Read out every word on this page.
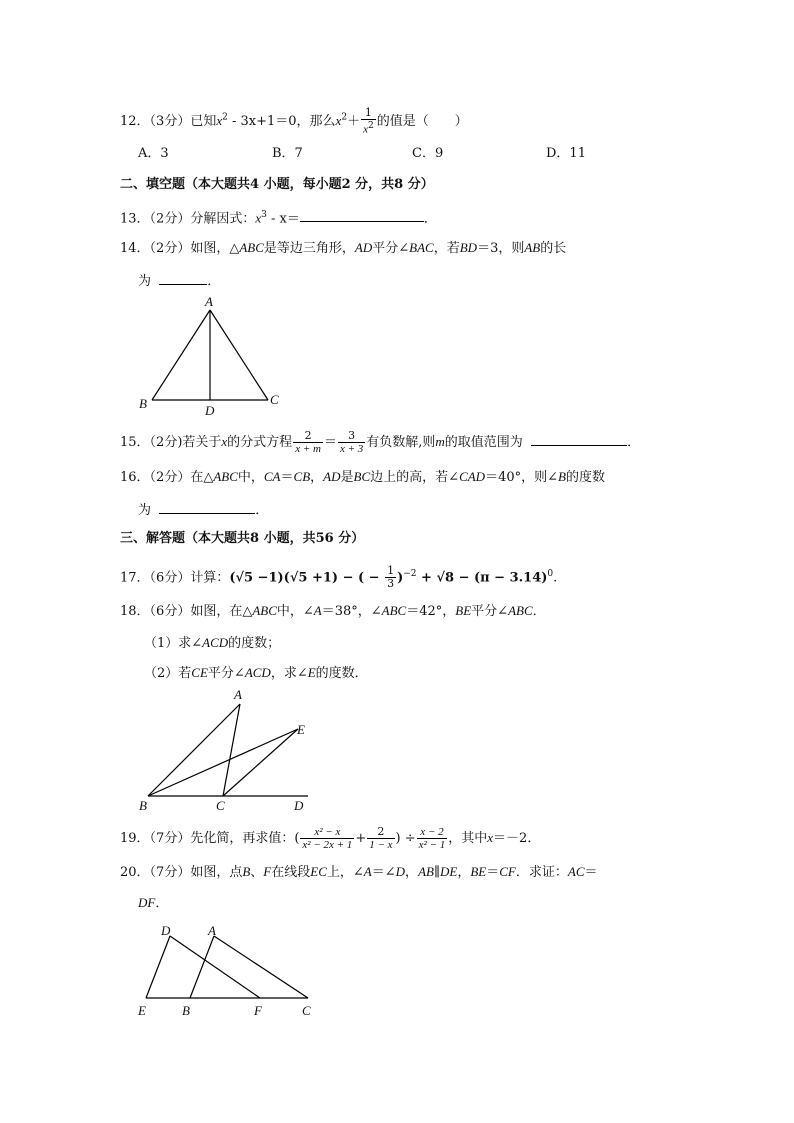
12．（3分）已知$x^2 - 3x+1=0$，那么$x^2+ \frac{1}{x^2}$ 的值是（　　）
A．3	B．7	C．9	D．11
二、填空题（本大题共4 小题，每小题2 分，共8 分）
13．（2分）分解因式：$x^3 - x=$	．
14．（2分）如图，△ABC是等边三角形，AD平分∠BAC，若BD＝3，则AB的长
为	．
A
B	C
D
15．（2分)若关于x的分式方程 $\frac{2}{x + m} = \frac{3}{x + 3}$ 有负数解,则m的取值范围为	．
16．（2分）在△ABC中，CA＝CB，AD是BC边上的高，若∠CAD＝40°，则∠B的度数
为	．
三、解答题（本大题共8 小题，共56 分）
17．（6分）计算：(√5 −1)(√5 +1) − ( − $\frac{1}{3} )^{-2} + √8 - (\pi - 3.14)^0$.
18．（6分）如图，在△ABC中，∠A＝38°，∠ABC＝42°，BE平分∠ABC．
（1）求∠ACD的度数；
（2）若CE平分∠ACD，求∠E的度数．
A
B	C	D
E
19．（7分）先化简，再求值：( $\frac{\text{x² − x}}{\text{x² − 2x + 1}} + \frac{2}{1 - x}$ ) ÷ $\frac{x - 2}{\text{x² − 1}}$ ，其中x＝－2．
20．（7分）如图，点B、F在线段EC上，∠A＝∠D，AB∥DE，BE＝CF．求证：AC＝
DF．
D	A
E	B	F	C
